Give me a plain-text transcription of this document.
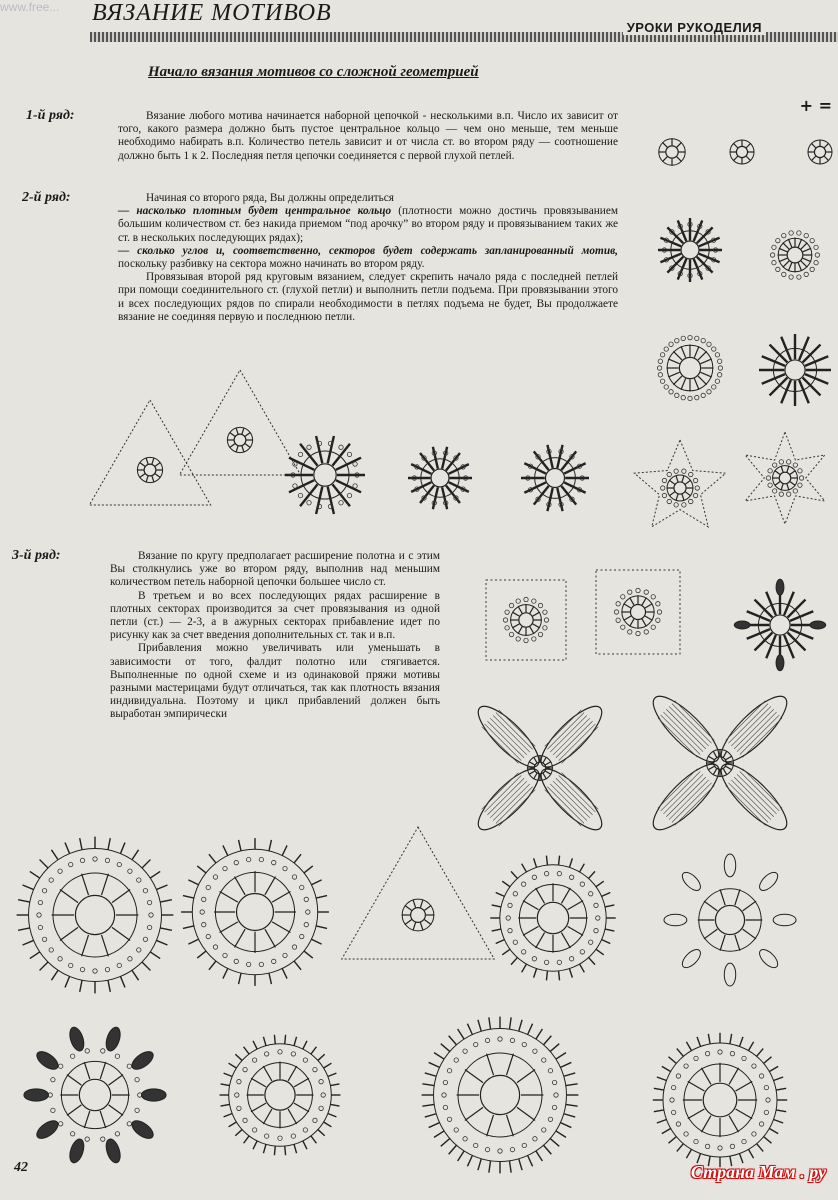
www.free... ВЯЗАНИЕ МОТИВОВ
УРОКИ РУКОДЕЛИЯ
Начало вязания мотивов со сложной геометрией
+ =
1-й ряд:	Вязание любого мотива начинается наборной цепочкой - несколькими в.п. Число их зависит от того, какого размера должно быть пустое центральное кольцо — чем оно меньше, тем меньше необходимо набирать в.п. Количество петель зависит и от числа ст. во втором ряду — соотношение должно быть 1 к 2. Последняя петля цепочки соединяется с первой глухой петлей.

2-й ряд:	Начиная со второго ряда, Вы должны определиться

— насколько плотным будет центральное кольцо (плотности можно достичь провязыванием большим количеством ст. без накида приемом “под арочку” во втором ряду и провязыванием таких же ст. в нескольких последующих рядах);
— сколько углов и, соответственно, секторов будет содержать запланированный мотив, поскольку разбивку на сектора можно начинать во втором ряду.

Провязывая второй ряд круговым вязанием, следует скрепить начало ряда с последней петлей при помощи соединительного ст. (глухой петли) и выполнить петли подъема. При провязывании этого и всех последующих рядов по спирали необходимости в петлях подъема не будет, Вы продолжаете вязание не соединяя первую и последнюю петли.

3-й ряд:	Вязание по кругу предполагает расширение полотна и с этим Вы столкнулись уже во втором ряду, выполнив над меньшим количеством петель наборной цепочки большее число ст.

В третьем и во всех последующих рядах расширение в плотных секторах производится за счет провязывания из одной петли (ст.) — 2-3, а в ажурных секторах прибавление идет по рисунку как за счет введения дополнительных ст. так и в.п.

Прибавления можно увеличивать или уменьшать в зависимости от того, фалдит полотно или стягивается. Выполненные по одной схеме и из одинаковой пряжи мотивы разными мастерицами будут отличаться, так как плотность вязания индивидуальна. Поэтому и цикл прибавлений должен быть выработан эмпирически

42	Страна Мам . ру
